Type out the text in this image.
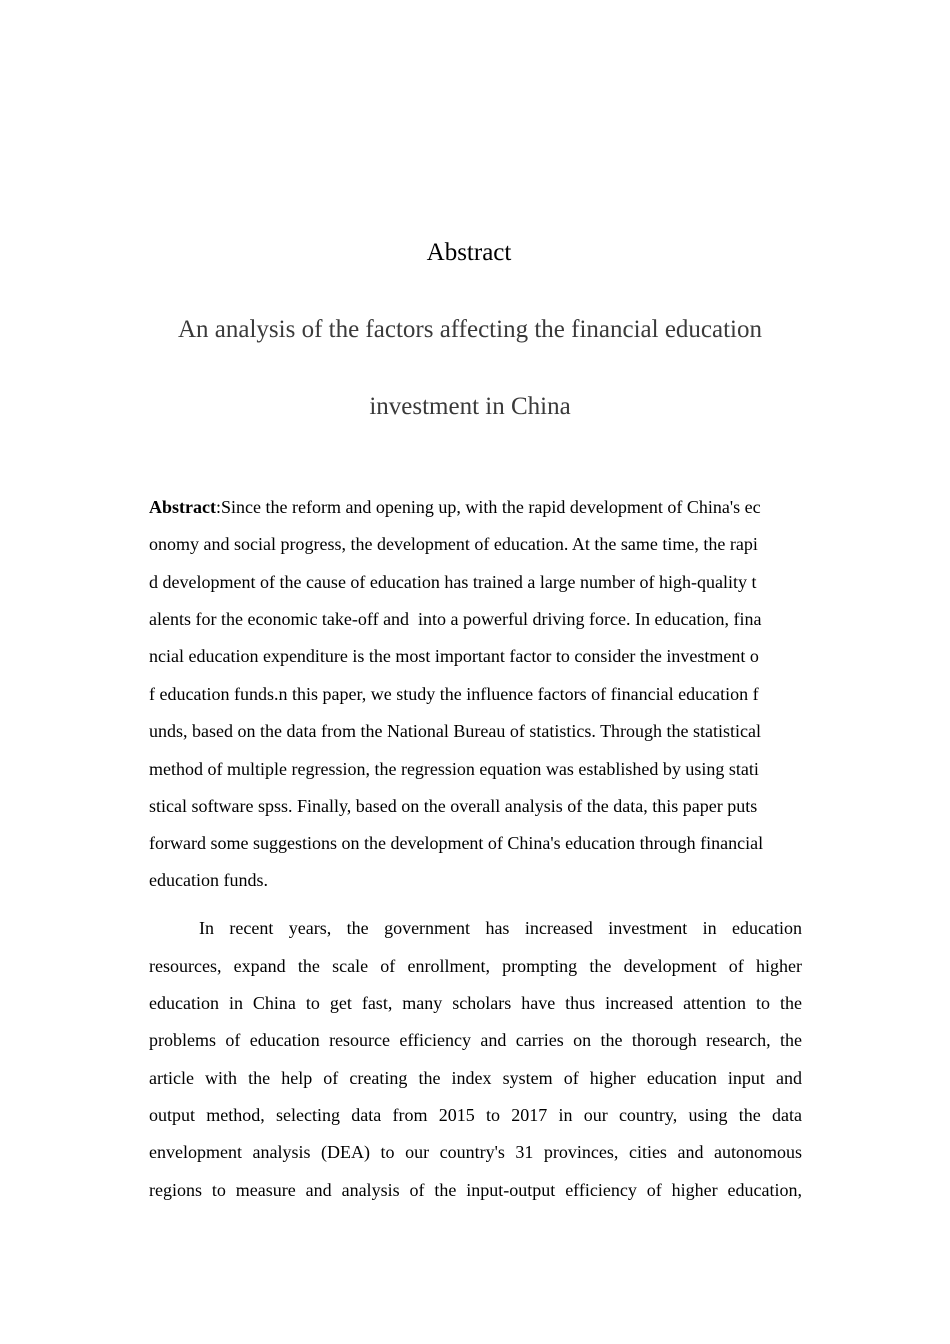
Abstract

An analysis of the factors affecting the financial education

investment in China

Abstract:Since the reform and opening up, with the rapid development of China's ec

onomy and social progress, the development of education. At the same time, the rapi

d development of the cause of education has trained a large number of high-quality t

alents for the economic take-off and  into a powerful driving force. In education, fina

ncial education expenditure is the most important factor to consider the investment o

f education funds.n this paper, we study the influence factors of financial education f

unds, based on the data from the National Bureau of statistics. Through the statistical

method of multiple regression, the regression equation was established by using stati

stical software spss. Finally, based on the overall analysis of the data, this paper puts

forward some suggestions on the development of China's education through financial

education funds.

In recent years, the government has increased investment in education

resources, expand the scale of enrollment, prompting the development of higher

education in China to get fast, many scholars have thus increased attention to the

problems of education resource efficiency and carries on the thorough research, the

article with the help of creating the index system of higher education input and

output method, selecting data from 2015 to 2017 in our country, using the data

envelopment analysis (DEA) to our country's 31 provinces, cities and autonomous

regions to measure and analysis of the input-output efficiency of higher education,
